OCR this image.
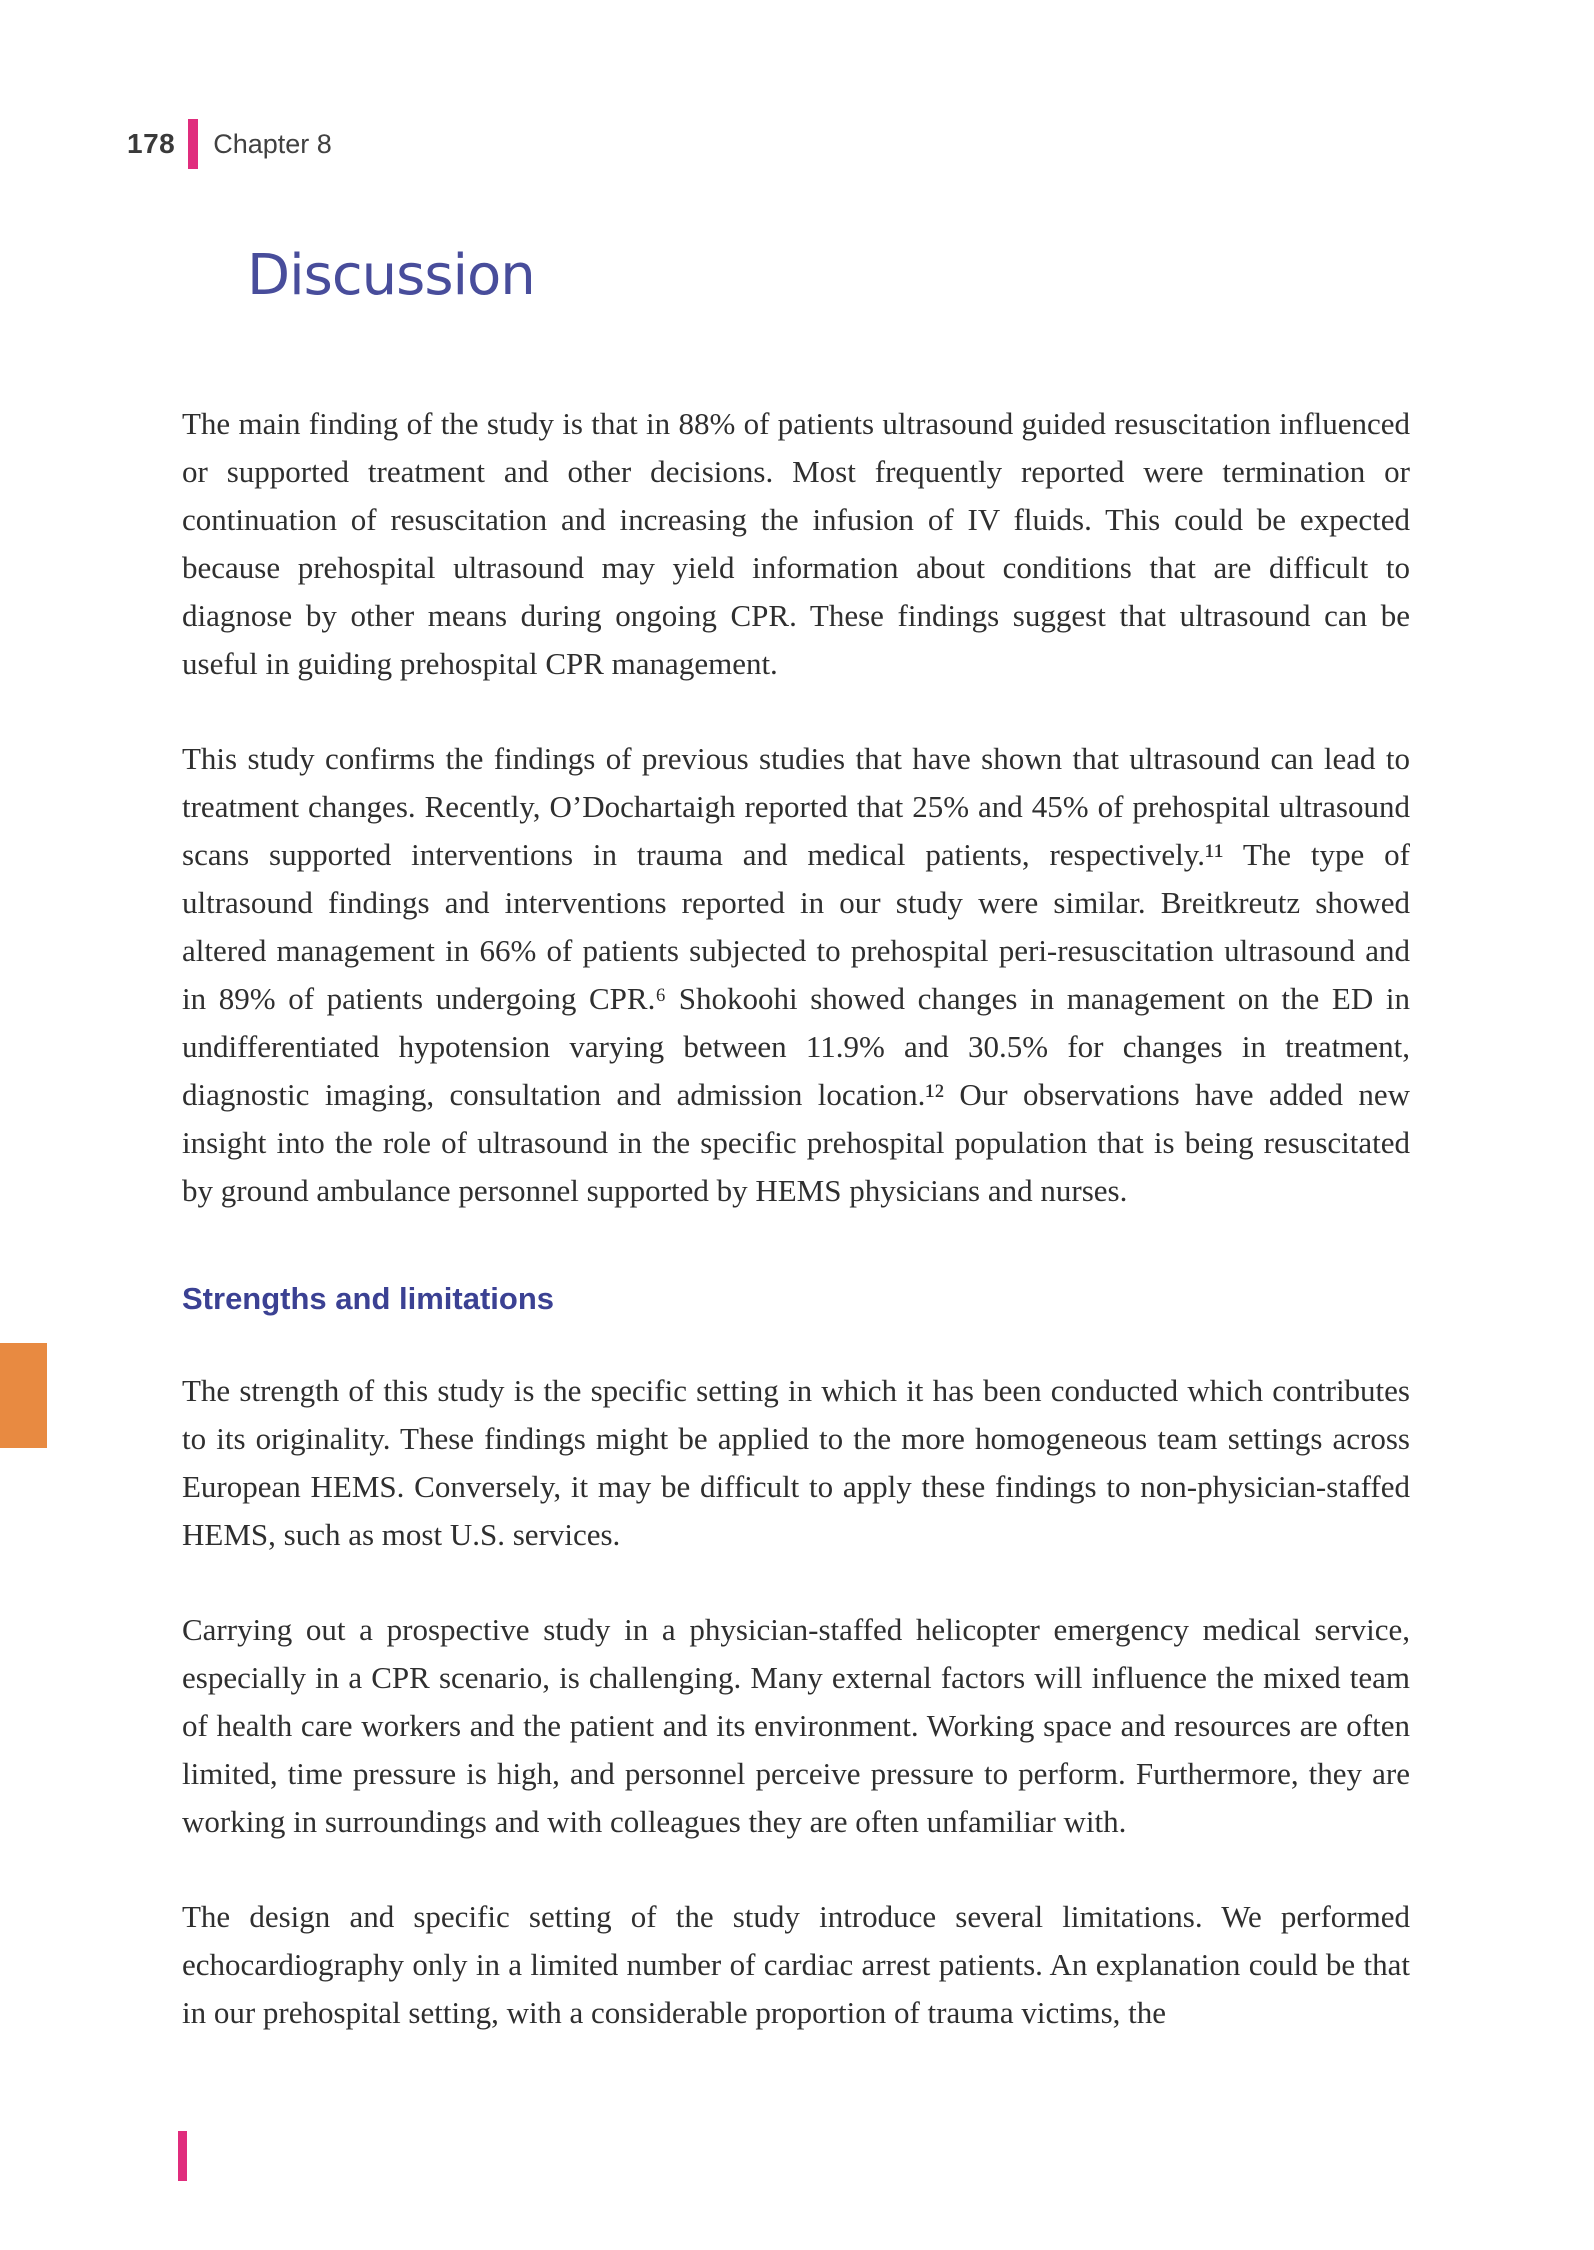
178 Chapter 8
Discussion

The main finding of the study is that in 88% of patients ultrasound guided resuscitation influenced or supported treatment and other decisions. Most frequently reported were termination or continuation of resuscitation and increasing the infusion of IV fluids. This could be expected because prehospital ultrasound may yield information about conditions that are difficult to diagnose by other means during ongoing CPR. These findings suggest that ultrasound can be useful in guiding prehospital CPR management.

This study confirms the findings of previous studies that have shown that ultrasound can lead to treatment changes. Recently, O’Dochartaigh reported that 25% and 45% of prehospital ultrasound scans supported interventions in trauma and medical patients, respectively.¹¹ The type of ultrasound findings and interventions reported in our study were similar. Breitkreutz showed altered management in 66% of patients subjected to prehospital peri-resuscitation ultrasound and in 89% of patients undergoing CPR.⁶ Shokoohi showed changes in management on the ED in undifferentiated hypotension varying between 11.9% and 30.5% for changes in treatment, diagnostic imaging, consultation and admission location.¹² Our observations have added new insight into the role of ultrasound in the specific prehospital population that is being resuscitated by ground ambulance personnel supported by HEMS physicians and nurses.

Strengths and limitations

The strength of this study is the specific setting in which it has been conducted which contributes to its originality. These findings might be applied to the more homogeneous team settings across European HEMS. Conversely, it may be difficult to apply these findings to non-physician-staffed HEMS, such as most U.S. services.

Carrying out a prospective study in a physician-staffed helicopter emergency medical service, especially in a CPR scenario, is challenging. Many external factors will influence the mixed team of health care workers and the patient and its environment. Working space and resources are often limited, time pressure is high, and personnel perceive pressure to perform. Furthermore, they are working in surroundings and with colleagues they are often unfamiliar with.

The design and specific setting of the study introduce several limitations. We performed echocardiography only in a limited number of cardiac arrest patients. An explanation could be that in our prehospital setting, with a considerable proportion of trauma victims, the
